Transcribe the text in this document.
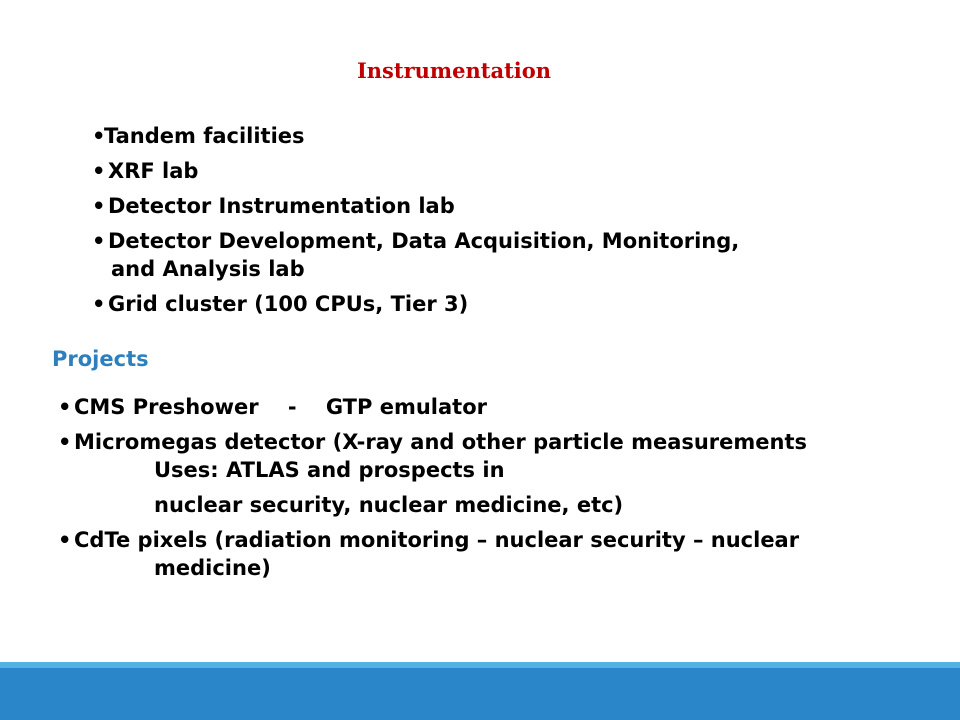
Instrumentation
•Tandem facilities
• XRF lab
• Detector Instrumentation lab
• Detector Development, Data Acquisition, Monitoring,
and Analysis lab
• Grid cluster (100 CPUs, Tier 3)
Projects
• CMS Preshower    -    GTP emulator
• Micromegas detector (X-ray and other particle measurements
Uses: ATLAS and prospects in
nuclear security, nuclear medicine, etc)
• CdTe pixels (radiation monitoring – nuclear security – nuclear
medicine)
